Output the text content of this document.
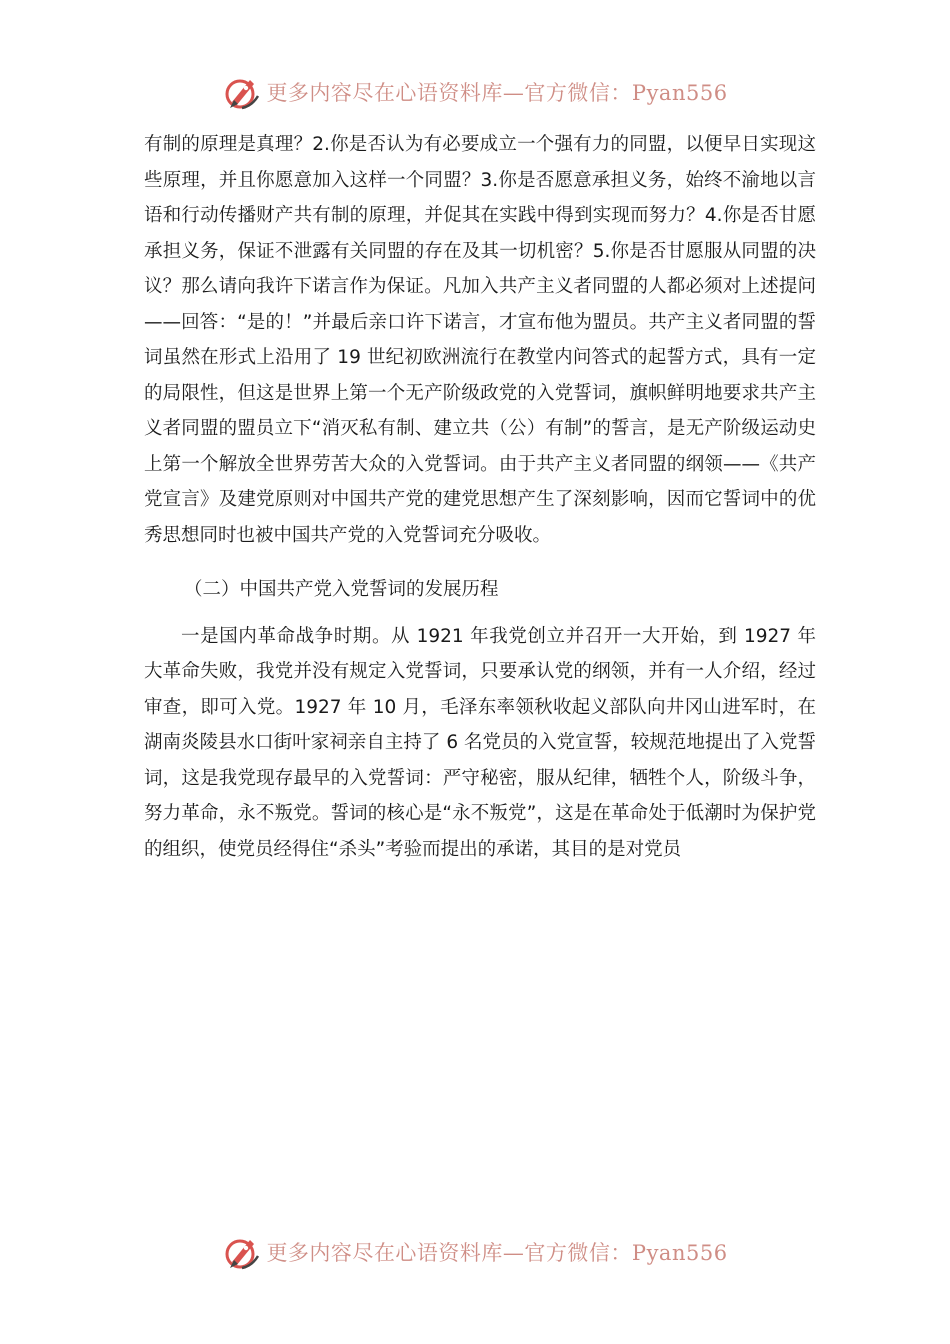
更多内容尽在心语资料库—官方微信：Pyan556

有制的原理是真理？2.你是否认为有必要成立一个强有力的同盟，以便早日实现这些原理，并且你愿意加入这样一个同盟？3.你是否愿意承担义务，始终不渝地以言语和行动传播财产共有制的原理，并促其在实践中得到实现而努力？4.你是否甘愿承担义务，保证不泄露有关同盟的存在及其一切机密？5.你是否甘愿服从同盟的决议？那么请向我许下诺言作为保证。凡加入共产主义者同盟的人都必须对上述提问——回答：“是的！”并最后亲口许下诺言，才宣布他为盟员。共产主义者同盟的誓词虽然在形式上沿用了 19 世纪初欧洲流行在教堂内问答式的起誓方式，具有一定的局限性，但这是世界上第一个无产阶级政党的入党誓词，旗帜鲜明地要求共产主义者同盟的盟员立下“消灭私有制、建立共（公）有制”的誓言，是无产阶级运动史上第一个解放全世界劳苦大众的入党誓词。由于共产主义者同盟的纲领——《共产党宣言》及建党原则对中国共产党的建党思想产生了深刻影响，因而它誓词中的优秀思想同时也被中国共产党的入党誓词充分吸收。

（二）中国共产党入党誓词的发展历程

一是国内革命战争时期。从 1921 年我党创立并召开一大开始，到 1927 年大革命失败，我党并没有规定入党誓词，只要承认党的纲领，并有一人介绍，经过审查，即可入党。1927 年 10 月，毛泽东率领秋收起义部队向井冈山进军时，在湖南炎陵县水口街叶家祠亲自主持了 6 名党员的入党宣誓，较规范地提出了入党誓词，这是我党现存最早的入党誓词：严守秘密，服从纪律，牺牲个人，阶级斗争，努力革命，永不叛党。誓词的核心是“永不叛党”，这是在革命处于低潮时为保护党的组织，使党员经得住“杀头”考验而提出的承诺，其目的是对党员

更多内容尽在心语资料库—官方微信：Pyan556
